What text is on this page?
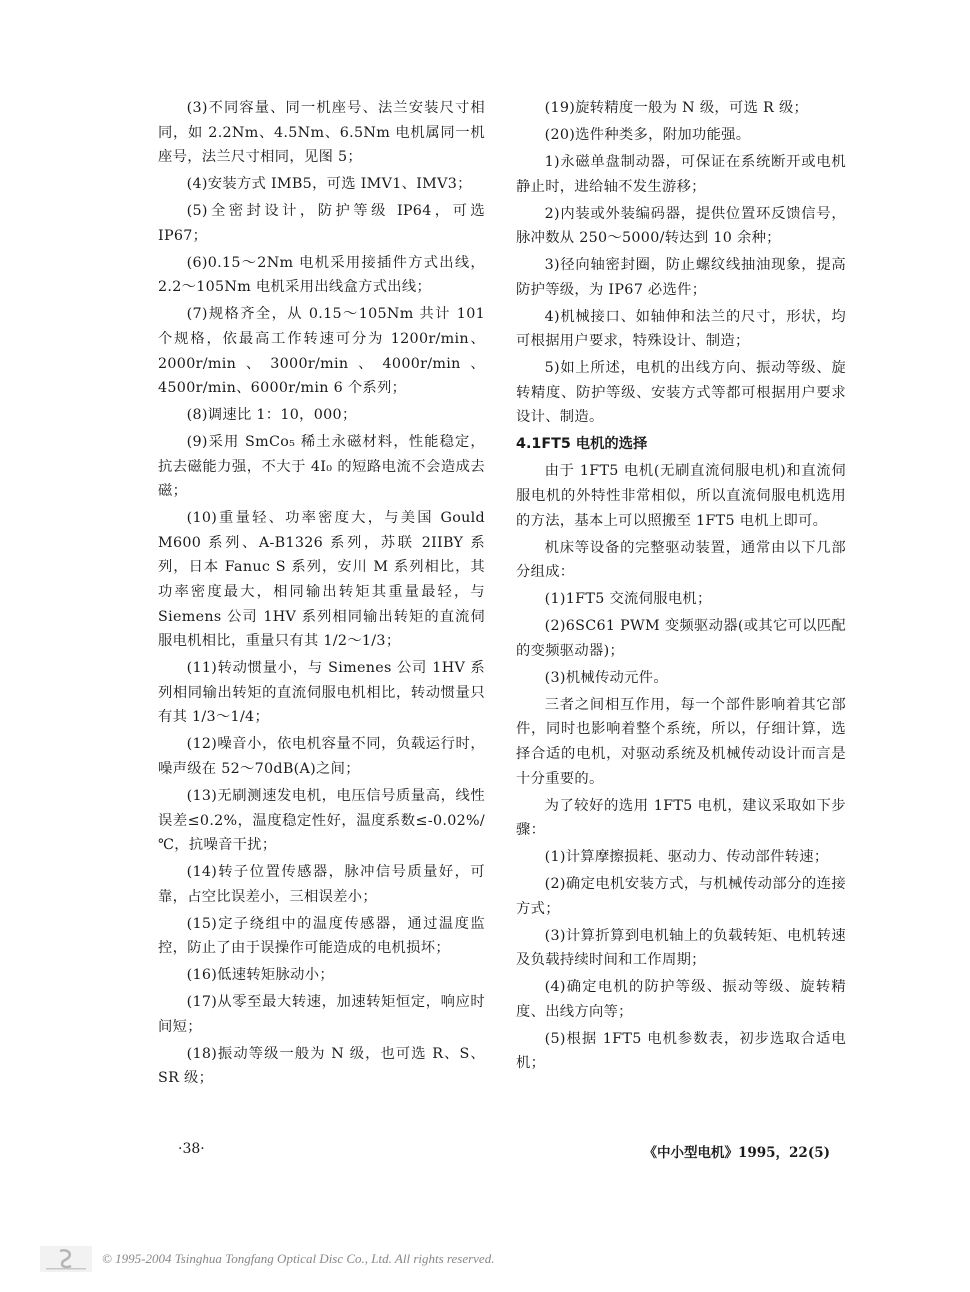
(3)不同容量、同一机座号、法兰安装尺寸相同，如 2.2Nm、4.5Nm、6.5Nm 电机属同一机座号，法兰尺寸相同，见图 5；

(4)安装方式 IMB5，可选 IMV1、IMV3；

(5)全密封设计，防护等级 IP64，可选 IP67；

(6)0.15～2Nm 电机采用接插件方式出线，2.2～105Nm 电机采用出线盒方式出线；

(7)规格齐全，从 0.15～105Nm 共计 101 个规格，依最高工作转速可分为 1200r/min、2000r/min、3000r/min、4000r/min、4500r/min、6000r/min 6 个系列；

(8)调速比 1：10，000；

(9)采用 SmCo₅ 稀土永磁材料，性能稳定，抗去磁能力强，不大于 4I₀ 的短路电流不会造成去磁；

(10)重量轻、功率密度大，与美国 Gould M600 系列、A-B1326 系列，苏联 2IIBY 系列，日本 Fanuc S 系列，安川 M 系列相比，其功率密度最大，相同输出转矩其重量最轻，与 Siemens 公司 1HV 系列相同输出转矩的直流伺服电机相比，重量只有其 1/2～1/3；

(11)转动惯量小，与 Simenes 公司 1HV 系列相同输出转矩的直流伺服电机相比，转动惯量只有其 1/3～1/4；

(12)噪音小，依电机容量不同，负载运行时，噪声级在 52～70dB(A)之间；

(13)无刷测速发电机，电压信号质量高，线性误差≤0.2%，温度稳定性好，温度系数≤-0.02%/℃，抗噪音干扰；

(14)转子位置传感器，脉冲信号质量好，可靠，占空比误差小，三相误差小；

(15)定子绕组中的温度传感器，通过温度监控，防止了由于误操作可能造成的电机损坏；

(16)低速转矩脉动小；

(17)从零至最大转速，加速转矩恒定，响应时间短；

(18)振动等级一般为 N 级，也可选 R、S、SR 级；

(19)旋转精度一般为 N 级，可选 R 级；

(20)选件种类多，附加功能强。

1)永磁单盘制动器，可保证在系统断开或电机静止时，进给轴不发生游移；

2)内装或外装编码器，提供位置环反馈信号，脉冲数从 250～5000/转达到 10 余种；

3)径向轴密封圈，防止螺纹线抽油现象，提高防护等级，为 IP67 必选件；

4)机械接口、如轴伸和法兰的尺寸，形状，均可根据用户要求，特殊设计、制造；

5)如上所述，电机的出线方向、振动等级、旋转精度、防护等级、安装方式等都可根据用户要求设计、制造。

4.1FT5 电机的选择

由于 1FT5 电机(无刷直流伺服电机)和直流伺服电机的外特性非常相似，所以直流伺服电机选用的方法，基本上可以照搬至 1FT5 电机上即可。

机床等设备的完整驱动装置，通常由以下几部分组成：

(1)1FT5 交流伺服电机；

(2)6SC61 PWM 变频驱动器(或其它可以匹配的变频驱动器)；

(3)机械传动元件。

三者之间相互作用，每一个部件影响着其它部件，同时也影响着整个系统，所以，仔细计算，选择合适的电机，对驱动系统及机械传动设计而言是十分重要的。

为了较好的选用 1FT5 电机，建议采取如下步骤：

(1)计算摩擦损耗、驱动力、传动部件转速；

(2)确定电机安装方式，与机械传动部分的连接方式；

(3)计算折算到电机轴上的负载转矩、电机转速及负载持续时间和工作周期；

(4)确定电机的防护等级、振动等级、旋转精度、出线方向等；

(5)根据 1FT5 电机参数表，初步选取合适电机；

·38·	《中小型电机》1995，22(5)
© 1995-2004 Tsinghua Tongfang Optical Disc Co., Ltd. All rights reserved.
